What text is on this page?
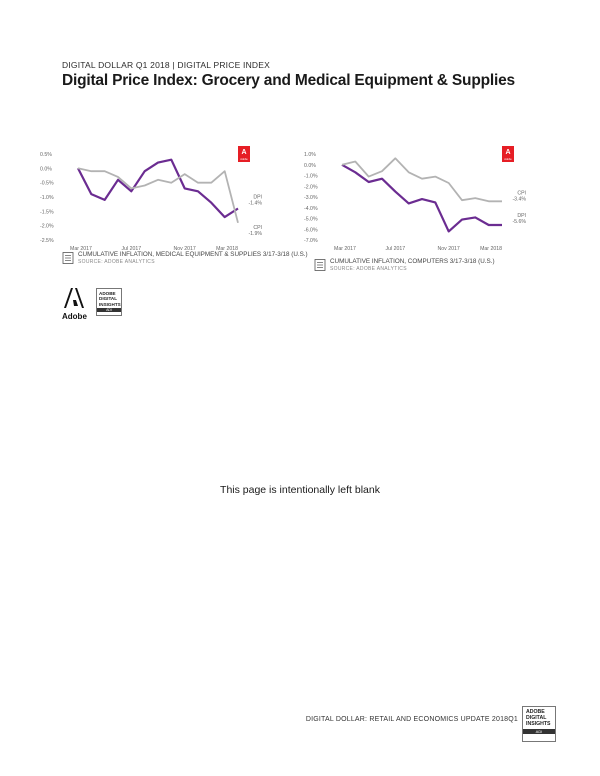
DIGITAL DOLLAR Q1 2018 | DIGITAL PRICE INDEX
Digital Price Index: Grocery and Medical Equipment & Supplies
0.5%
0.0%
-0.5%
-1.0%
-1.5%
-2.0%
-2.5%
Mar 2017	Jul 2017	Nov 2017	Mar 2018
DPI
-1.4%
CPI
-1.9%
A
Adobe
CUMULATIVE INFLATION, MEDICAL EQUIPMENT & SUPPLIES 3/17-3/18 (U.S.)
SOURCE: ADOBE ANALYTICS
1.0%
0.0%
-1.0%
-2.0%
-3.0%
-4.0%
-5.0%
-6.0%
-7.0%
Mar 2017	Jul 2017	Nov 2017	Mar 2018
CPI
-3.4%
DPI
-5.6%
A
Adobe
CUMULATIVE INFLATION, COMPUTERS 3/17-3/18 (U.S.)
SOURCE: ADOBE ANALYTICS
Adobe
ADOBE
DIGITAL
INSIGHTS
ADI
This page is intentionally left blank
DIGITAL DOLLAR: RETAIL AND ECONOMICS UPDATE 2018Q1
ADOBE
DIGITAL
INSIGHTS
ADI
